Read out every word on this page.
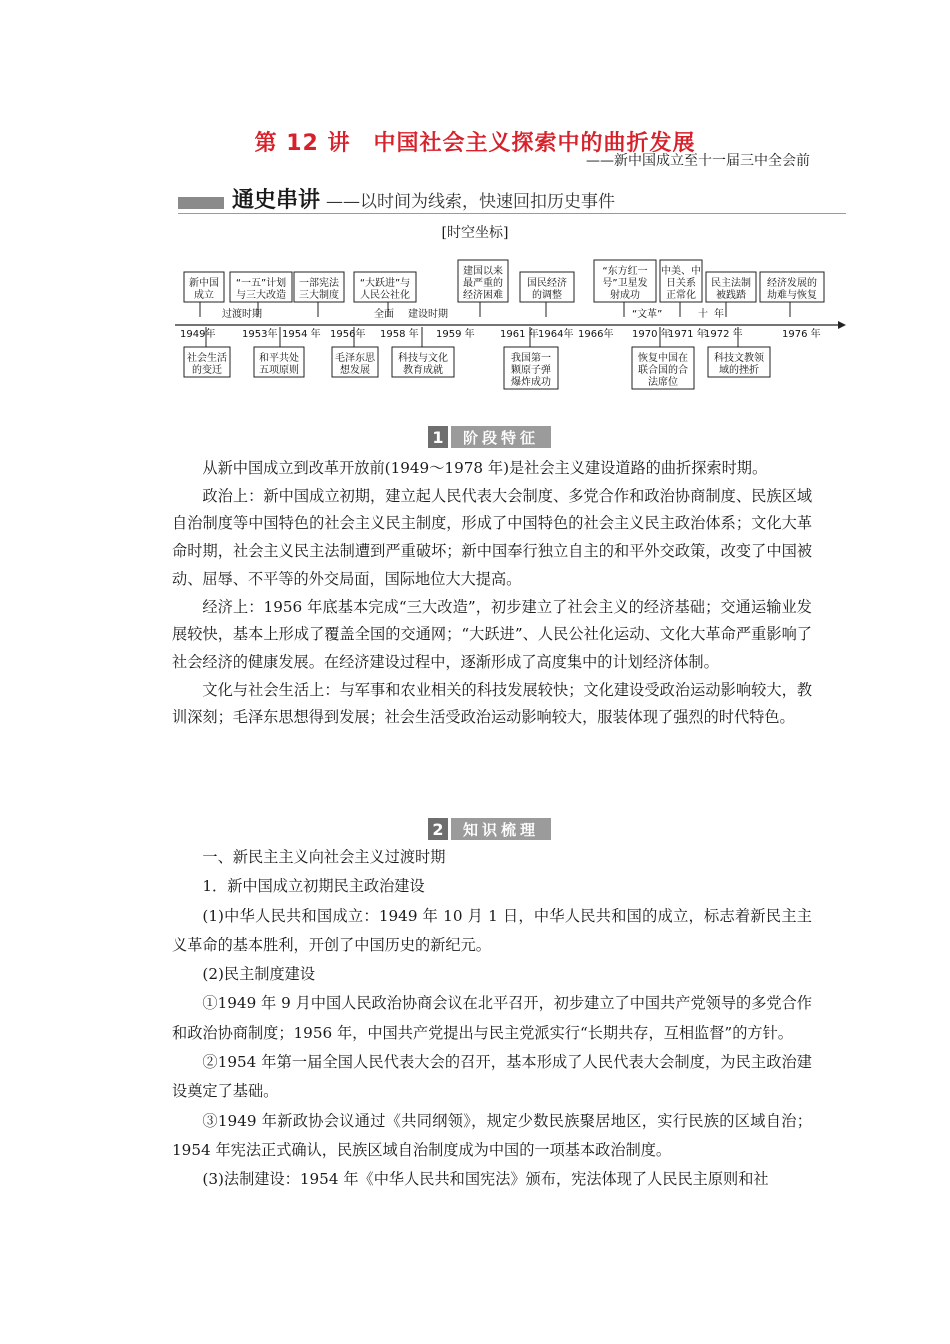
第 12 讲　中国社会主义探索中的曲折发展
——新中国成立至十一届三中全会前
通史串讲 ——以时间为线索，快速回扣历史事件
[时空坐标]
新中国
成立
“一五”计划
与三大改造
一部宪法
三大制度
“大跃进”与
人民公社化
建国以来
最严重的
经济困难
国民经济
的调整
“东方红一
号”卫星发
射成功
中美、中
日关系
正常化
民主法制
被践踏
经济发展的
劫难与恢复
社会生活
的变迁
和平共处
五项原则
毛泽东思
想发展
科技与文化
教育成就
我国第一
颗原子弹
爆炸成功
恢复中国在
联合国的合
法席位
科技文教领
域的挫折
1949年	1953年 1954 年 1956年 1958 年 1959 年	1961 年 1964年 1966年 1970 年
1971 年
1972 年	1976 年
过渡时期	全面 建设时期	“文革”	十 年
1	阶段特征

从新中国成立到改革开放前(1949～1978 年)是社会主义建设道路的曲折探索时期。

政治上：新中国成立初期，建立起人民代表大会制度、多党合作和政治协商制度、民族区域自治制度等中国特色的社会主义民主制度，形成了中国特色的社会主义民主政治体系；文化大革命时期，社会主义民主法制遭到严重破坏；新中国奉行独立自主的和平外交政策，改变了中国被动、屈辱、不平等的外交局面，国际地位大大提高。

经济上：1956 年底基本完成“三大改造”，初步建立了社会主义的经济基础；交通运输业发展较快，基本上形成了覆盖全国的交通网；“大跃进”、人民公社化运动、文化大革命严重影响了社会经济的健康发展。在经济建设过程中，逐渐形成了高度集中的计划经济体制。

文化与社会生活上：与军事和农业相关的科技发展较快；文化建设受政治运动影响较大，教训深刻；毛泽东思想得到发展；社会生活受政治运动影响较大，服装体现了强烈的时代特色。

2	知识梳理

一、新民主主义向社会主义过渡时期

1．新中国成立初期民主政治建设

(1)中华人民共和国成立：1949 年 10 月 1 日，中华人民共和国的成立，标志着新民主主义革命的基本胜利，开创了中国历史的新纪元。

(2)民主制度建设

①1949 年 9 月中国人民政治协商会议在北平召开，初步建立了中国共产党领导的多党合作和政治协商制度；1956 年，中国共产党提出与民主党派实行“长期共存，互相监督”的方针。

②1954 年第一届全国人民代表大会的召开，基本形成了人民代表大会制度，为民主政治建设奠定了基础。

③1949 年新政协会议通过《共同纲领》，规定少数民族聚居地区，实行民族的区域自治；1954 年宪法正式确认，民族区域自治制度成为中国的一项基本政治制度。

(3)法制建设：1954 年《中华人民共和国宪法》颁布，宪法体现了人民民主原则和社
